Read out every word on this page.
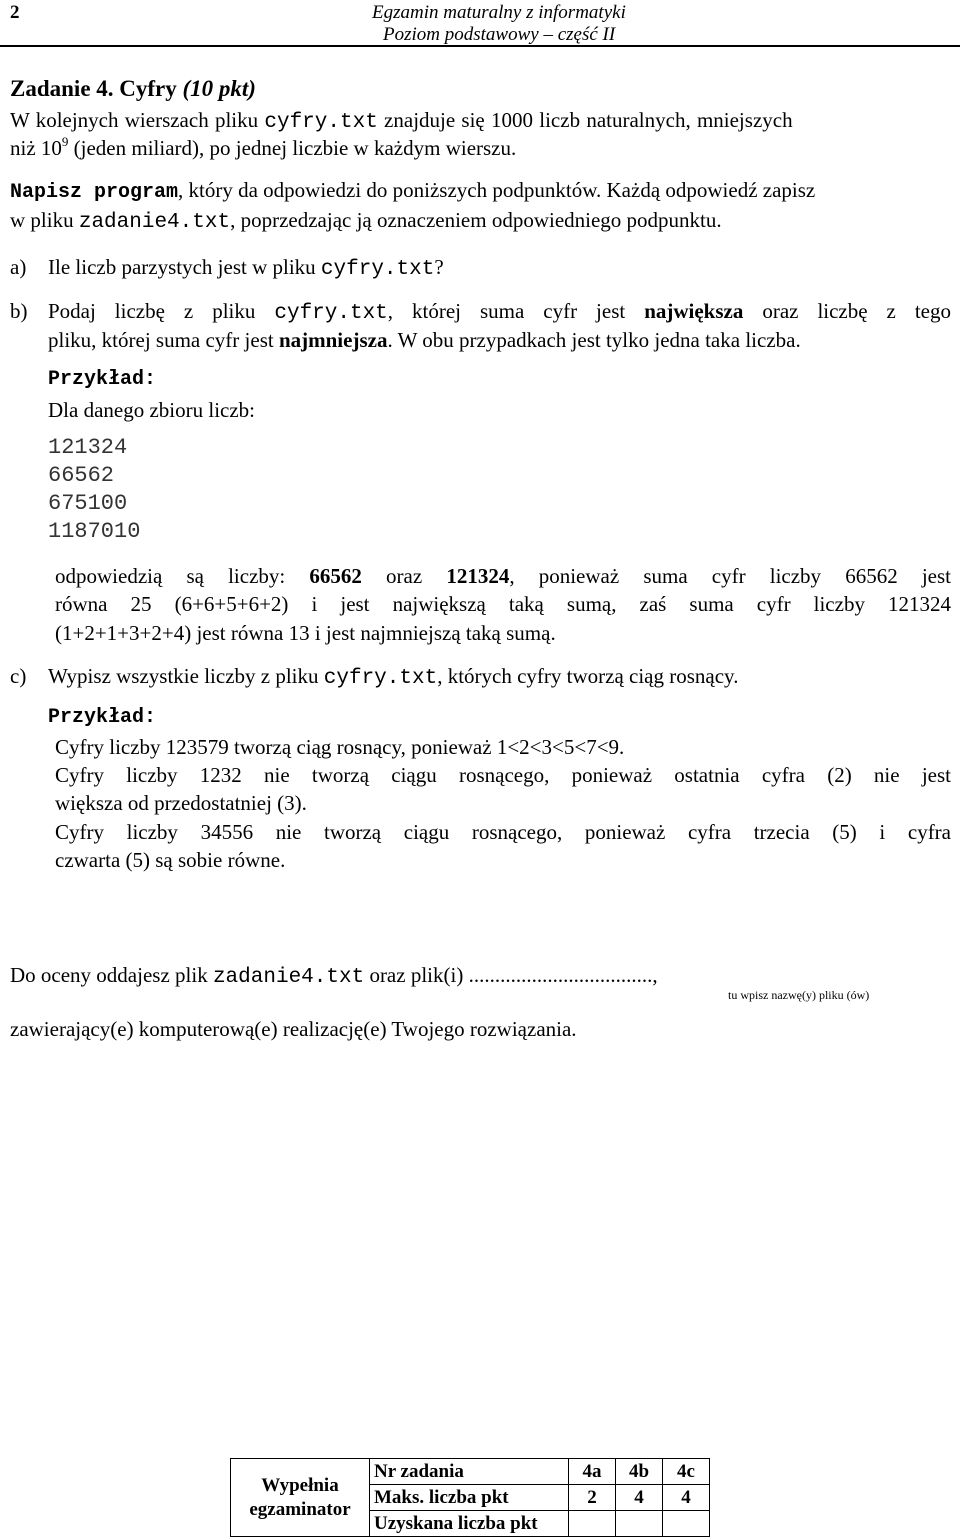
2	Egzamin maturalny z informatyki
Poziom podstawowy – część II
Zadanie 4. Cyfry (10 pkt)
W kolejnych wierszach pliku cyfry.txt znajduje się 1000 liczb naturalnych, mniejszych
niż $10^9$ (jeden miliard), po jednej liczbie w każdym wierszu.
Napisz program, który da odpowiedzi do poniższych podpunktów. Każdą odpowiedź zapisz
w pliku zadanie4.txt, poprzedzając ją oznaczeniem odpowiedniego podpunktu.
a) Ile liczb parzystych jest w pliku cyfry.txt?
b) Podaj liczbę z pliku cyfry.txt, której suma cyfr jest największa oraz liczbę z tego
pliku, której suma cyfr jest najmniejsza. W obu przypadkach jest tylko jedna taka liczba.
Przykład:
Dla danego zbioru liczb:
121324
66562
675100
1187010
odpowiedzią są liczby: 66562 oraz 121324, ponieważ suma cyfr liczby 66562 jest
równa 25 (6+6+5+6+2) i jest największą taką sumą, zaś suma cyfr liczby 121324
(1+2+1+3+2+4) jest równa 13 i jest najmniejszą taką sumą.
c) Wypisz wszystkie liczby z pliku cyfry.txt, których cyfry tworzą ciąg rosnący.
Przykład:
Cyfry liczby 123579 tworzą ciąg rosnący, ponieważ 1<2<3<5<7<9.
Cyfry liczby 1232 nie tworzą ciągu rosnącego, ponieważ ostatnia cyfra (2) nie jest
większa od przedostatniej (3).
Cyfry liczby 34556 nie tworzą ciągu rosnącego, ponieważ cyfra trzecia (5) i cyfra
czwarta (5) są sobie równe.
Do oceny oddajesz plik zadanie4.txt oraz plik(i) ...................................,
tu wpisz nazwę(y) pliku (ów)
zawierający(e) komputerową(e) realizację(e) Twojego rozwiązania.
Wypełnia egzaminator	Nr zadania	4a	4b	4c
	Maks. liczba pkt	2	4	4
	Uzyskana liczba pkt			
